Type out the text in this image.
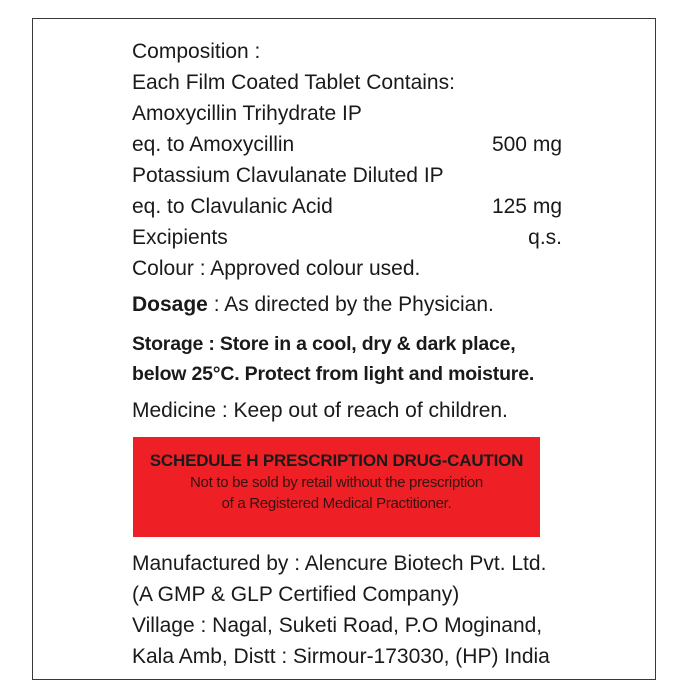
Composition :
Each Film Coated Tablet Contains:
Amoxycillin Trihydrate IP
eq. to Amoxycillin	500 mg
Potassium Clavulanate Diluted IP
eq. to Clavulanic Acid	125 mg
Excipients	q.s.
Colour : Approved colour used.
Dosage : As directed by the Physician.
Storage : Store in a cool, dry & dark place,
below 25°C. Protect from light and moisture.
Medicine : Keep out of reach of children.
SCHEDULE H PRESCRIPTION DRUG-CAUTION
Not to be sold by retail without the prescription
of a Registered Medical Practitioner.
Manufactured by : Alencure Biotech Pvt. Ltd.
(A GMP & GLP Certified Company)
Village : Nagal, Suketi Road, P.O Moginand,
Kala Amb, Distt : Sirmour-173030, (HP) India
